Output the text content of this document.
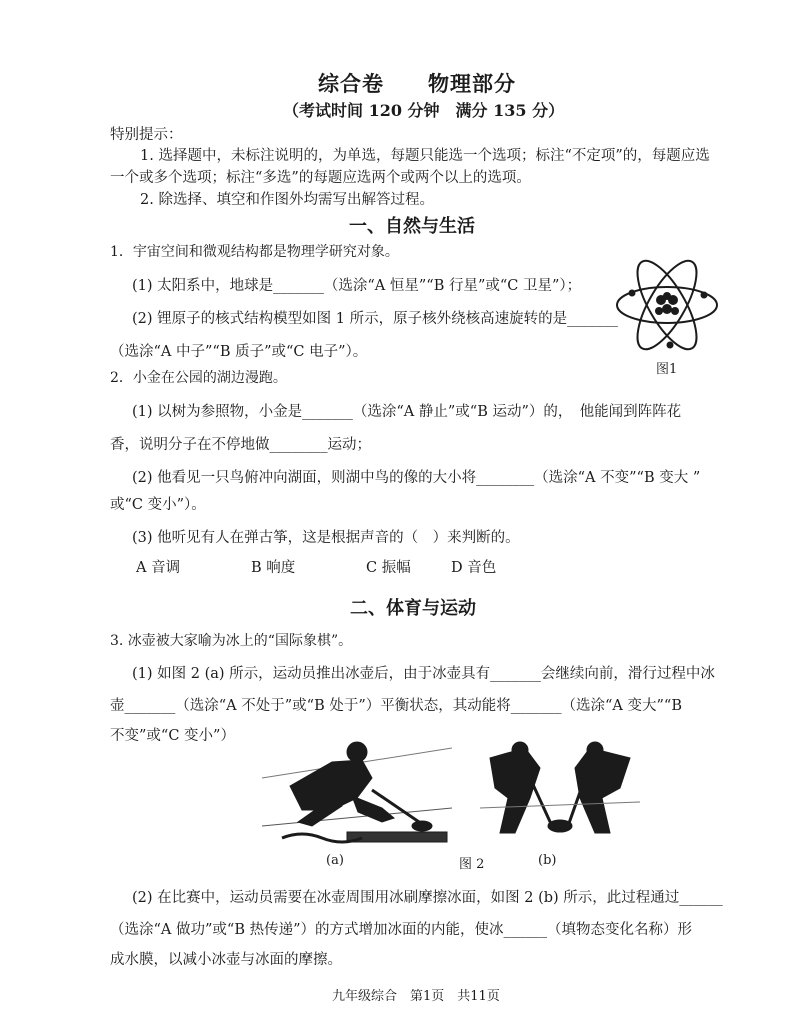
综合卷　　物理部分
（考试时间 120 分钟　满分 135 分）
特别提示：
1. 选择题中，未标注说明的，为单选，每题只能选一个选项；标注“不定项”的，每题应选
一个或多个选项；标注“多选”的每题应选两个或两个以上的选项。
2. 除选择、填空和作图外均需写出解答过程。
一、自然与生活
1．宇宙空间和微观结构都是物理学研究对象。
(1) 太阳系中，地球是_______（选涂“A 恒星”“B 行星”或“C 卫星”）；
(2) 锂原子的核式结构模型如图 1 所示，原子核外绕核高速旋转的是_______
（选涂“A 中子”“B 质子”或“C 电子”）。
图1
2．小金在公园的湖边漫跑。
(1) 以树为参照物，小金是_______（选涂“A 静止”或“B 运动”）的，　他能闻到阵阵花
香，说明分子在不停地做________运动；
(2) 他看见一只鸟俯冲向湖面，则湖中鸟的像的大小将________（选涂“A 不变”“B 变大 ”
或“C 变小”）。
(3) 他听见有人在弹古筝，这是根据声音的（　）来判断的。
A 音调	B 响度	C 振幅	D 音色
二、体育与运动
3. 冰壶被大家喻为冰上的“国际象棋”。
(1) 如图 2 (a) 所示，运动员推出冰壶后，由于冰壶具有_______会继续向前，滑行过程中冰
壶_______（选涂“A 不处于”或“B 处于”）平衡状态，其动能将_______（选涂“A 变大”“B
不变”或“C 变小”）
(a)	图 2	(b)
(2) 在比赛中，运动员需要在冰壶周围用冰刷摩擦冰面，如图 2 (b) 所示，此过程通过______
（选涂“A 做功”或“B 热传递”）的方式增加冰面的内能，使冰______（填物态变化名称）形
成水膜，以减小冰壶与冰面的摩擦。
九年级综合　第1页　共11页
